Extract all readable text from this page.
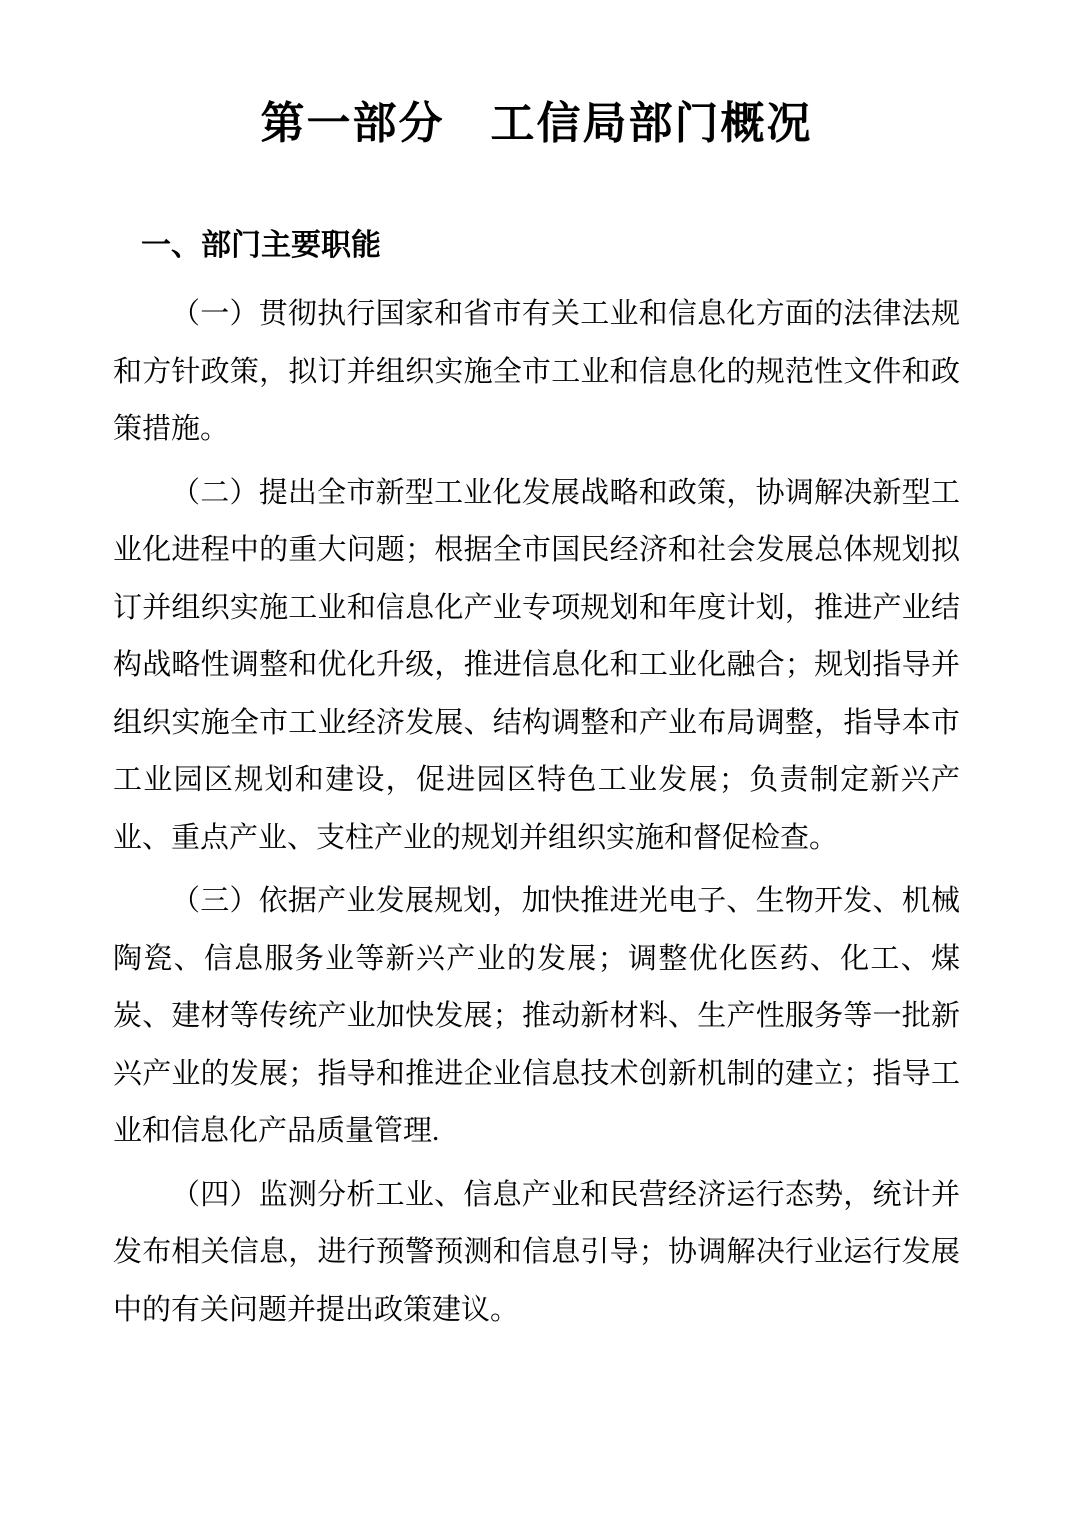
第一部分　工信局部门概况
一、部门主要职能

（一）贯彻执行国家和省市有关工业和信息化方面的法律法规和方针政策，拟订并组织实施全市工业和信息化的规范性文件和政策措施。

（二）提出全市新型工业化发展战略和政策，协调解决新型工业化进程中的重大问题；根据全市国民经济和社会发展总体规划拟订并组织实施工业和信息化产业专项规划和年度计划，推进产业结构战略性调整和优化升级，推进信息化和工业化融合；规划指导并组织实施全市工业经济发展、结构调整和产业布局调整，指导本市工业园区规划和建设，促进园区特色工业发展；负责制定新兴产业、重点产业、支柱产业的规划并组织实施和督促检查。

（三）依据产业发展规划，加快推进光电子、生物开发、机械陶瓷、信息服务业等新兴产业的发展；调整优化医药、化工、煤炭、建材等传统产业加快发展；推动新材料、生产性服务等一批新兴产业的发展；指导和推进企业信息技术创新机制的建立；指导工业和信息化产品质量管理.

（四）监测分析工业、信息产业和民营经济运行态势，统计并发布相关信息，进行预警预测和信息引导；协调解决行业运行发展中的有关问题并提出政策建议。
